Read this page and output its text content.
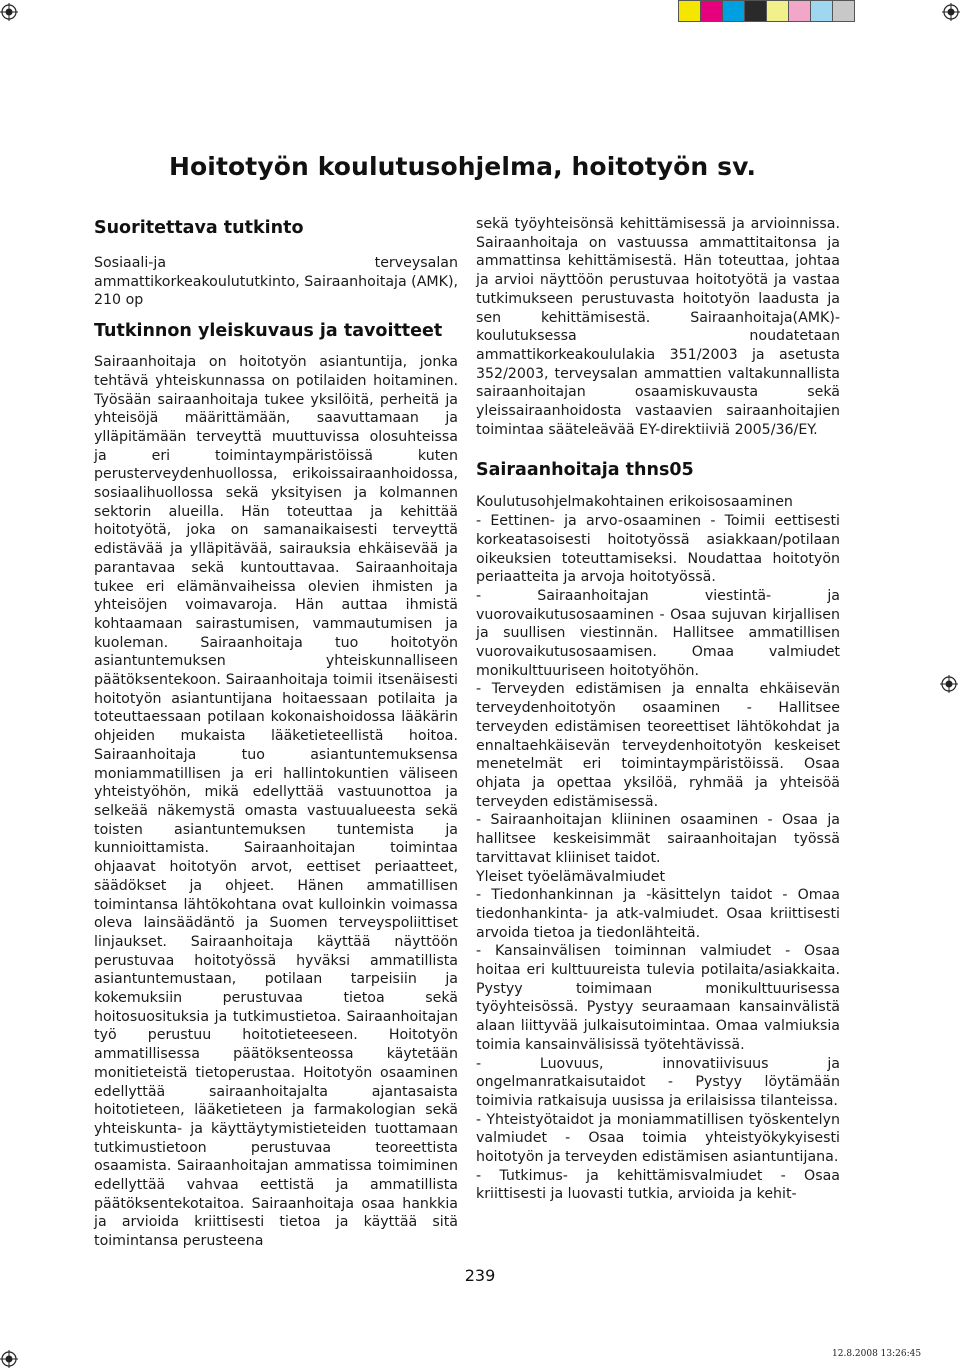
Hoitotyön koulutusohjelma, hoitotyön sv.
Suoritettava tutkinto

Sosiaali-ja terveysalan ammattikorkeakoulututkinto, Sairaanhoitaja (AMK), 210 op

Tutkinnon yleiskuvaus ja tavoitteet

Sairaanhoitaja on hoitotyön asiantuntija, jonka tehtävä yhteiskunnassa on potilaiden hoitaminen. Työsään sairaanhoitaja tukee yksilöitä, perheitä ja yhteisöjä määrittämään, saavuttamaan ja ylläpitämään terveyttä muuttuvissa olosuhteissa ja eri toimintaympäristöissä kuten perusterveydenhuollossa, erikoissairaanhoidossa, sosiaalihuollossa sekä yksityisen ja kolmannen sektorin alueilla. Hän toteuttaa ja kehittää hoitotyötä, joka on samanaikaisesti terveyttä edistävää ja ylläpitävää, sairauksia ehkäisevää ja parantavaa sekä kuntouttavaa. Sairaanhoitaja tukee eri elämänvaiheissa olevien ihmisten ja yhteisöjen voimavaroja. Hän auttaa ihmistä kohtaamaan sairastumisen, vammautumisen ja kuoleman. Sairaanhoitaja tuo hoitotyön asiantuntemuksen yhteiskunnalliseen päätöksentekoon. Sairaanhoitaja toimii itsenäisesti hoitotyön asiantuntijana hoitaessaan potilaita ja toteuttaessaan potilaan kokonaishoidossa lääkärin ohjeiden mukaista lääketieteellistä hoitoa. Sairaanhoitaja tuo asiantuntemuksensa moniammatillisen ja eri hallintokuntien väliseen yhteistyöhön, mikä edellyttää vastuunottoa ja selkeää näkemystä omasta vastuualueesta sekä toisten asiantuntemuksen tuntemista ja kunnioittamista. Sairaanhoitajan toimintaa ohjaavat hoitotyön arvot, eettiset periaatteet, säädökset ja ohjeet. Hänen ammatillisen toimintansa lähtökohtana ovat kulloinkin voimassa oleva lainsäädäntö ja Suomen terveyspoliittiset linjaukset. Sairaanhoitaja käyttää näyttöön perustuvaa hoitotyössä hyväksi ammatillista asiantuntemustaan, potilaan tarpeisiin ja kokemuksiin perustuvaa tietoa sekä hoitosuosituksia ja tutkimustietoa. Sairaanhoitajan työ perustuu hoitotieteeseen. Hoitotyön ammatillisessa päätöksenteossa käytetään monitieteistä tietoperustaa. Hoitotyön osaaminen edellyttää sairaanhoitajalta ajantasaista hoitotieteen, lääketieteen ja farmakologian sekä yhteiskunta- ja käyttäytymistieteiden tuottamaan tutkimustietoon perustuvaa teoreettista osaamista. Sairaanhoitajan ammatissa toimiminen edellyttää vahvaa eettistä ja ammatillista päätöksentekotaitoa. Sairaanhoitaja osaa hankkia ja arvioida kriittisesti tietoa ja käyttää sitä toimintansa perusteena

sekä työyhteisönsä kehittämisessä ja arvioinnissa. Sairaanhoitaja on vastuussa ammattitaitonsa ja ammattinsa kehittämisestä. Hän toteuttaa, johtaa ja arvioi näyttöön perustuvaa hoitotyötä ja vastaa tutkimukseen perustuvasta hoitotyön laadusta ja sen kehittämisestä. Sairaanhoitaja(AMK)-koulutuksessa noudatetaan ammattikorkeakoululakia 351/2003 ja asetusta 352/2003, terveysalan ammattien valtakunnallista sairaanhoitajan osaamiskuvausta sekä yleissairaanhoidosta vastaavien sairaanhoitajien toimintaa sääteleävää EY-direktiiviä 2005/36/EY.

Sairaanhoitaja thns05

Koulutusohjelmakohtainen erikoisosaaminen

- Eettinen- ja arvo-osaaminen - Toimii eettisesti korkeatasoisesti hoitotyössä asiakkaan/potilaan oikeuksien toteuttamiseksi. Noudattaa hoitotyön periaatteita ja arvoja hoitotyössä.

- Sairaanhoitajan viestintä- ja vuorovaikutusosaaminen - Osaa sujuvan kirjallisen ja suullisen viestinnän. Hallitsee ammatillisen vuorovaikutusosaamisen. Omaa valmiudet monikulttuuriseen hoitotyöhön.

- Terveyden edistämisen ja ennalta ehkäisevän terveydenhoitotyön osaaminen - Hallitsee terveyden edistämisen teoreettiset lähtökohdat ja ennaltaehkäisevän terveydenhoitotyön keskeiset menetelmät eri toimintaympäristöissä. Osaa ohjata ja opettaa yksilöä, ryhmää ja yhteisöä terveyden edistämisessä.

- Sairaanhoitajan kliininen osaaminen - Osaa ja hallitsee keskeisimmät sairaanhoitajan työssä tarvittavat kliiniset taidot.

Yleiset työelämävalmiudet

- Tiedonhankinnan ja -käsittelyn taidot - Omaa tiedonhankinta- ja atk-valmiudet. Osaa kriittisesti arvoida tietoa ja tiedonlähteitä.

- Kansainvälisen toiminnan valmiudet - Osaa hoitaa eri kulttuureista tulevia potilaita/asiakkaita. Pystyy toimimaan monikulttuurisessa työyhteisössä. Pystyy seuraamaan kansainvälistä alaan liittyvää julkaisutoimintaa. Omaa valmiuksia toimia kansainvälisissä työtehtävissä.

- Luovuus, innovatiivisuus ja ongelmanratkaisutaidot - Pystyy löytämään toimivia ratkaisuja uusissa ja erilaisissa tilanteissa.

- Yhteistyötaidot ja moniammatillisen työskentelyn valmiudet - Osaa toimia yhteistyökykyisesti hoitotyön ja terveyden edistämisen asiantuntijana.

- Tutkimus- ja kehittämisvalmiudet - Osaa kriittisesti ja luovasti tutkia, arvioida ja kehit-

239
12.8.2008 13:26:45
